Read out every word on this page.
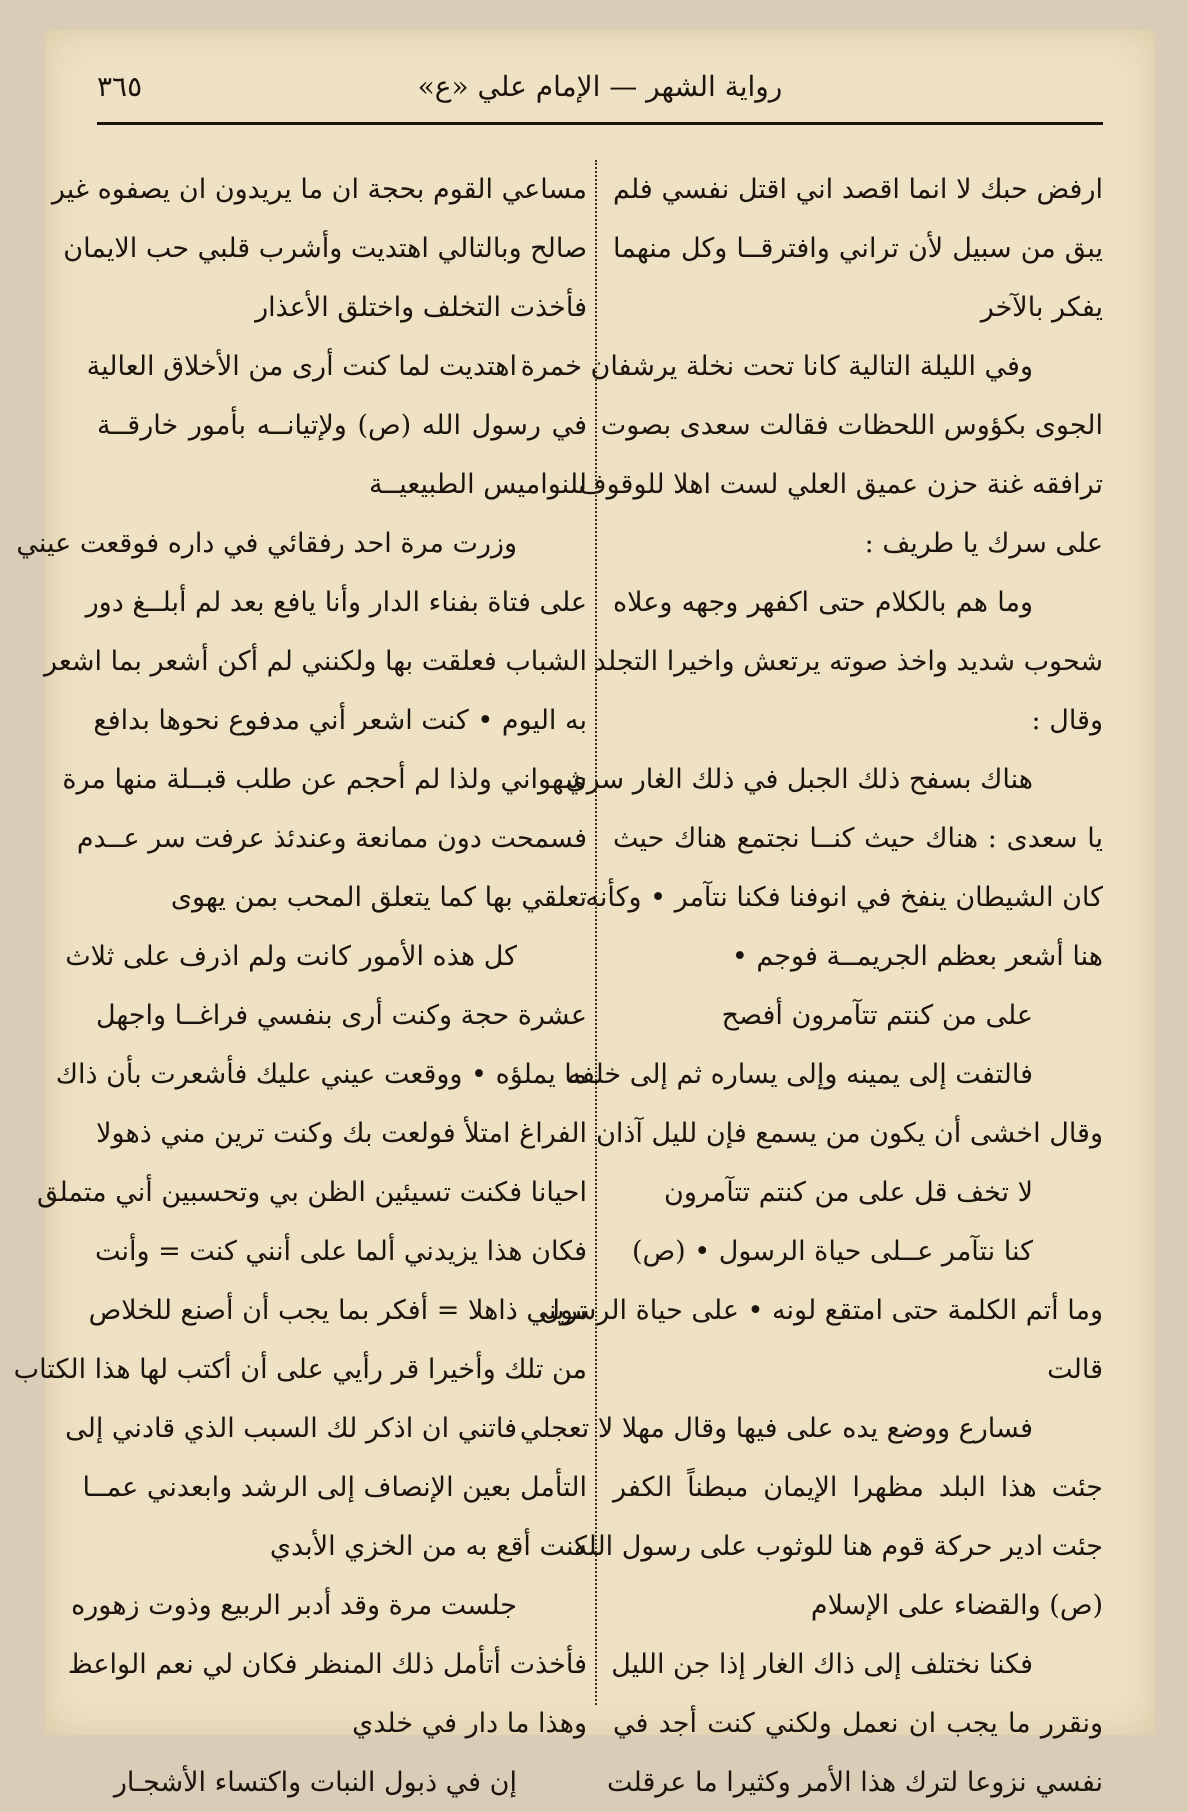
رواية الشهر — الإمام علي «ع»
٣٦٥
ارفض حبك لا انما اقصد اني اقتل نفسي فلم
يبق من سبيل لأن تراني وافترقــا وكل منهما
يفكر بالآخر
وفي الليلة التالية كانا تحت نخلة يرشفان خمرة
الجوى بكؤوس اللحظات فقالت سعدى بصوت
ترافقه غنة حزن عميق العلي لست اهلا للوقوف
على سرك يا طريف :
وما هم بالكلام حتى اكفهر وجهه وعلاه
شحوب شديد واخذ صوته يرتعش واخيرا التجلد
وقال :
هناك بسفح ذلك الجبل في ذلك الغار سري
يا سعدى : هناك حيث كنــا نجتمع هناك حيث
كان الشيطان ينفخ في انوفنا فكنا نتآمر • وكأنه
هنا أشعر بعظم الجريمــة فوجم •
على من كنتم تتآمرون أفصح
فالتفت إلى يمينه وإلى يساره ثم إلى خلفه
وقال اخشى أن يكون من يسمع فإن لليل آذان
لا تخف قل على من كنتم تتآمرون
كنا نتآمر عــلى حياة الرسول • (ص)
وما أتم الكلمة حتى امتقع لونه • على حياة الرسول
قالت
فسارع ووضع يده على فيها وقال مهلا لا تعجلي
جئت هذا البلد مظهرا الإيمان مبطناً الكفر
جئت ادير حركة قوم هنا للوثوب على رسول الله
(ص) والقضاء على الإسلام
فكنا نختلف إلى ذاك الغار إذا جن الليل
ونقرر ما يجب ان نعمل ولكني كنت أجد في
نفسي نزوعا لترك هذا الأمر وكثيرا ما عرقلت
مساعي القوم بحجة ان ما يريدون ان يصفوه غير
صالح وبالتالي اهتديت وأشرب قلبي حب الايمان
فأخذت التخلف واختلق الأعذار
اهتديت لما كنت أرى من الأخلاق العالية
في رسول الله (ص) ولإتيانــه بأمور خارقــة
للنواميس الطبيعيــة
وزرت مرة احد رفقائي في داره فوقعت عيني
على فتاة بفناء الدار وأنا يافع بعد لم أبلــغ دور
الشباب فعلقت بها ولكنني لم أكن أشعر بما اشعر
به اليوم • كنت اشعر أني مدفوع نحوها بدافع
شهواني ولذا لم أحجم عن طلب قبــلة منها مرة
فسمحت دون ممانعة وعندئذ عرفت سر عــدم
تعلقي بها كما يتعلق المحب بمن يهوى
كل هذه الأمور كانت ولم اذرف على ثلاث
عشرة حجة وكنت أرى بنفسي فراغــا واجهل
ما يملؤه • ووقعت عيني عليك فأشعرت بأن ذاك
الفراغ امتلأ فولعت بك وكنت ترين مني ذهولا
احيانا فكنت تسيئين الظن بي وتحسبين أني متملق
فكان هذا يزيدني ألما على أنني كنت = وأنت
تريني ذاهلا = أفكر بما يجب أن أصنع للخلاص
من تلك وأخيرا قر رأيي على أن أكتب لها هذا الكتاب
فاتني ان اذكر لك السبب الذي قادني إلى
التأمل بعين الإنصاف إلى الرشد وابعدني عمــا
كنت أقع به من الخزي الأبدي
جلست مرة وقد أدبر الربيع وذوت زهوره
فأخذت أتأمل ذلك المنظر فكان لي نعم الواعظ
وهذا ما دار في خلدي
إن في ذبول النبات واكتساء الأشجـار
